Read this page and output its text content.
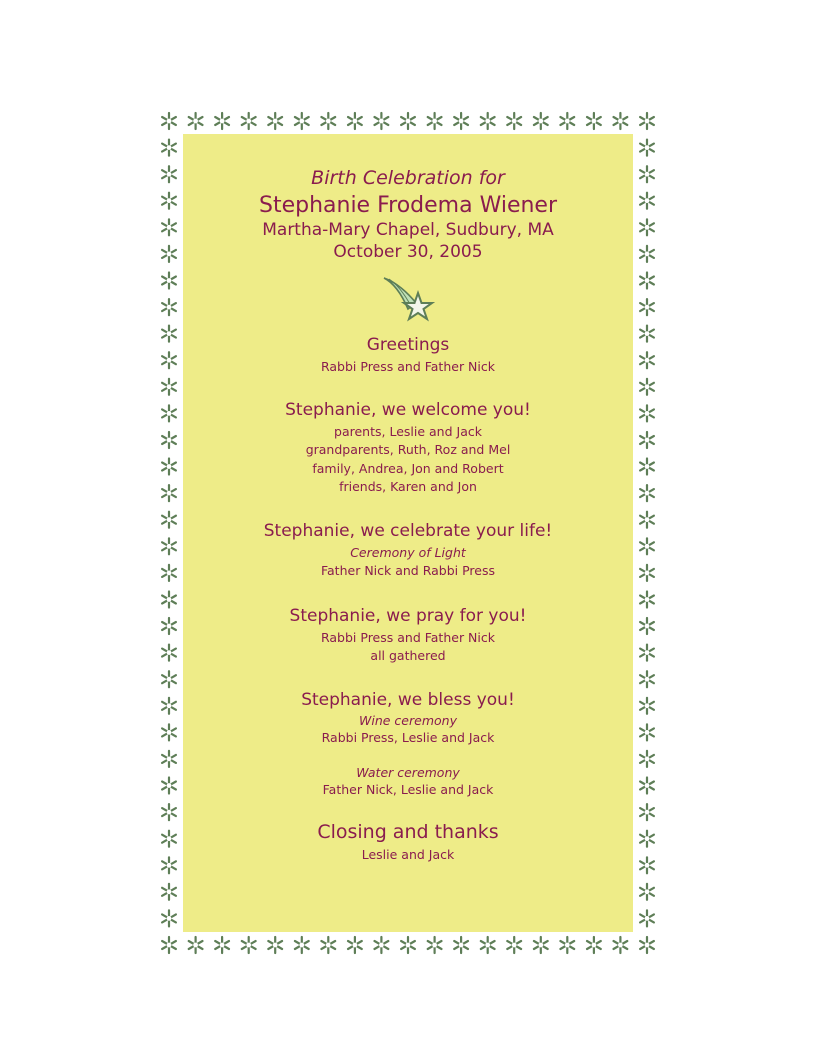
Birth Celebration for
Stephanie Frodema Wiener
Martha-Mary Chapel, Sudbury, MA
October 30, 2005
Greetings
Rabbi Press and Father Nick
Stephanie, we welcome you!
parents, Leslie and Jack
grandparents, Ruth, Roz and Mel
family, Andrea, Jon and Robert
friends, Karen and Jon
Stephanie, we celebrate your life!
Ceremony of Light
Father Nick and Rabbi Press
Stephanie, we pray for you!
Rabbi Press and Father Nick
all gathered
Stephanie, we bless you!
Wine ceremony
Rabbi Press, Leslie and Jack
Water ceremony
Father Nick, Leslie and Jack
Closing and thanks
Leslie and Jack
